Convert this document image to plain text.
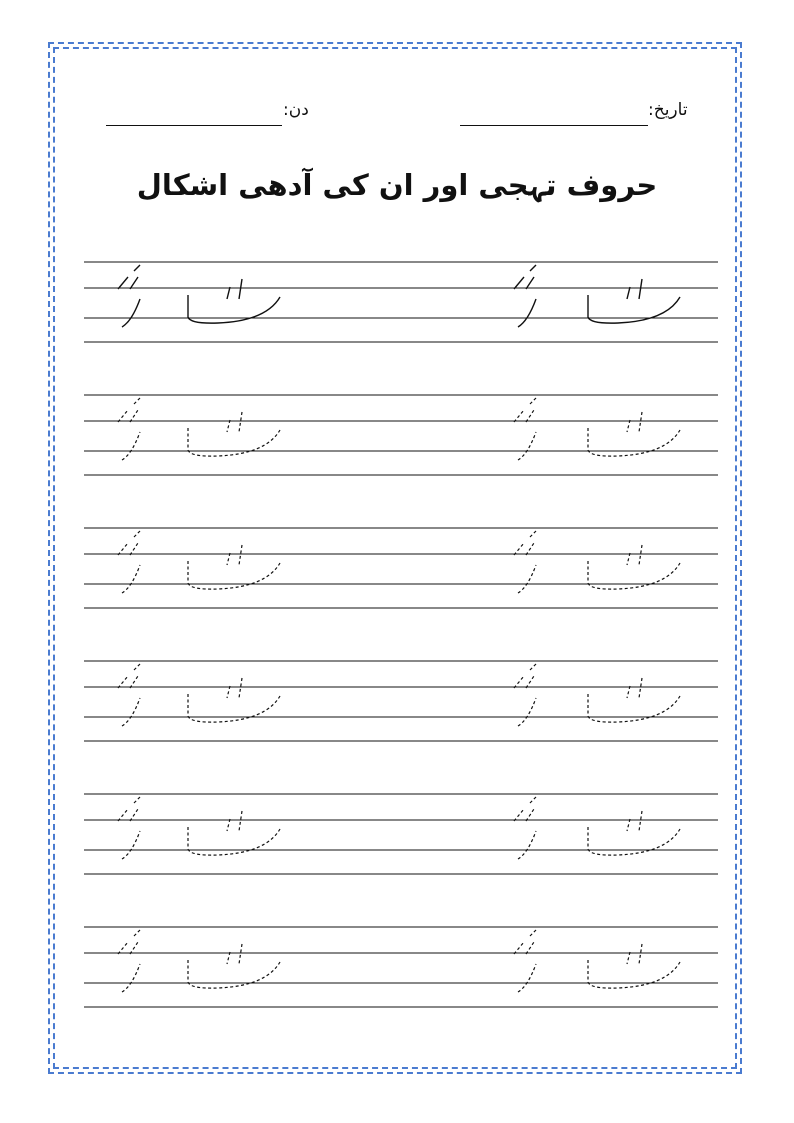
تاریخ:
دن:
حروف تہجی اور ان کی آدھی اشکال
